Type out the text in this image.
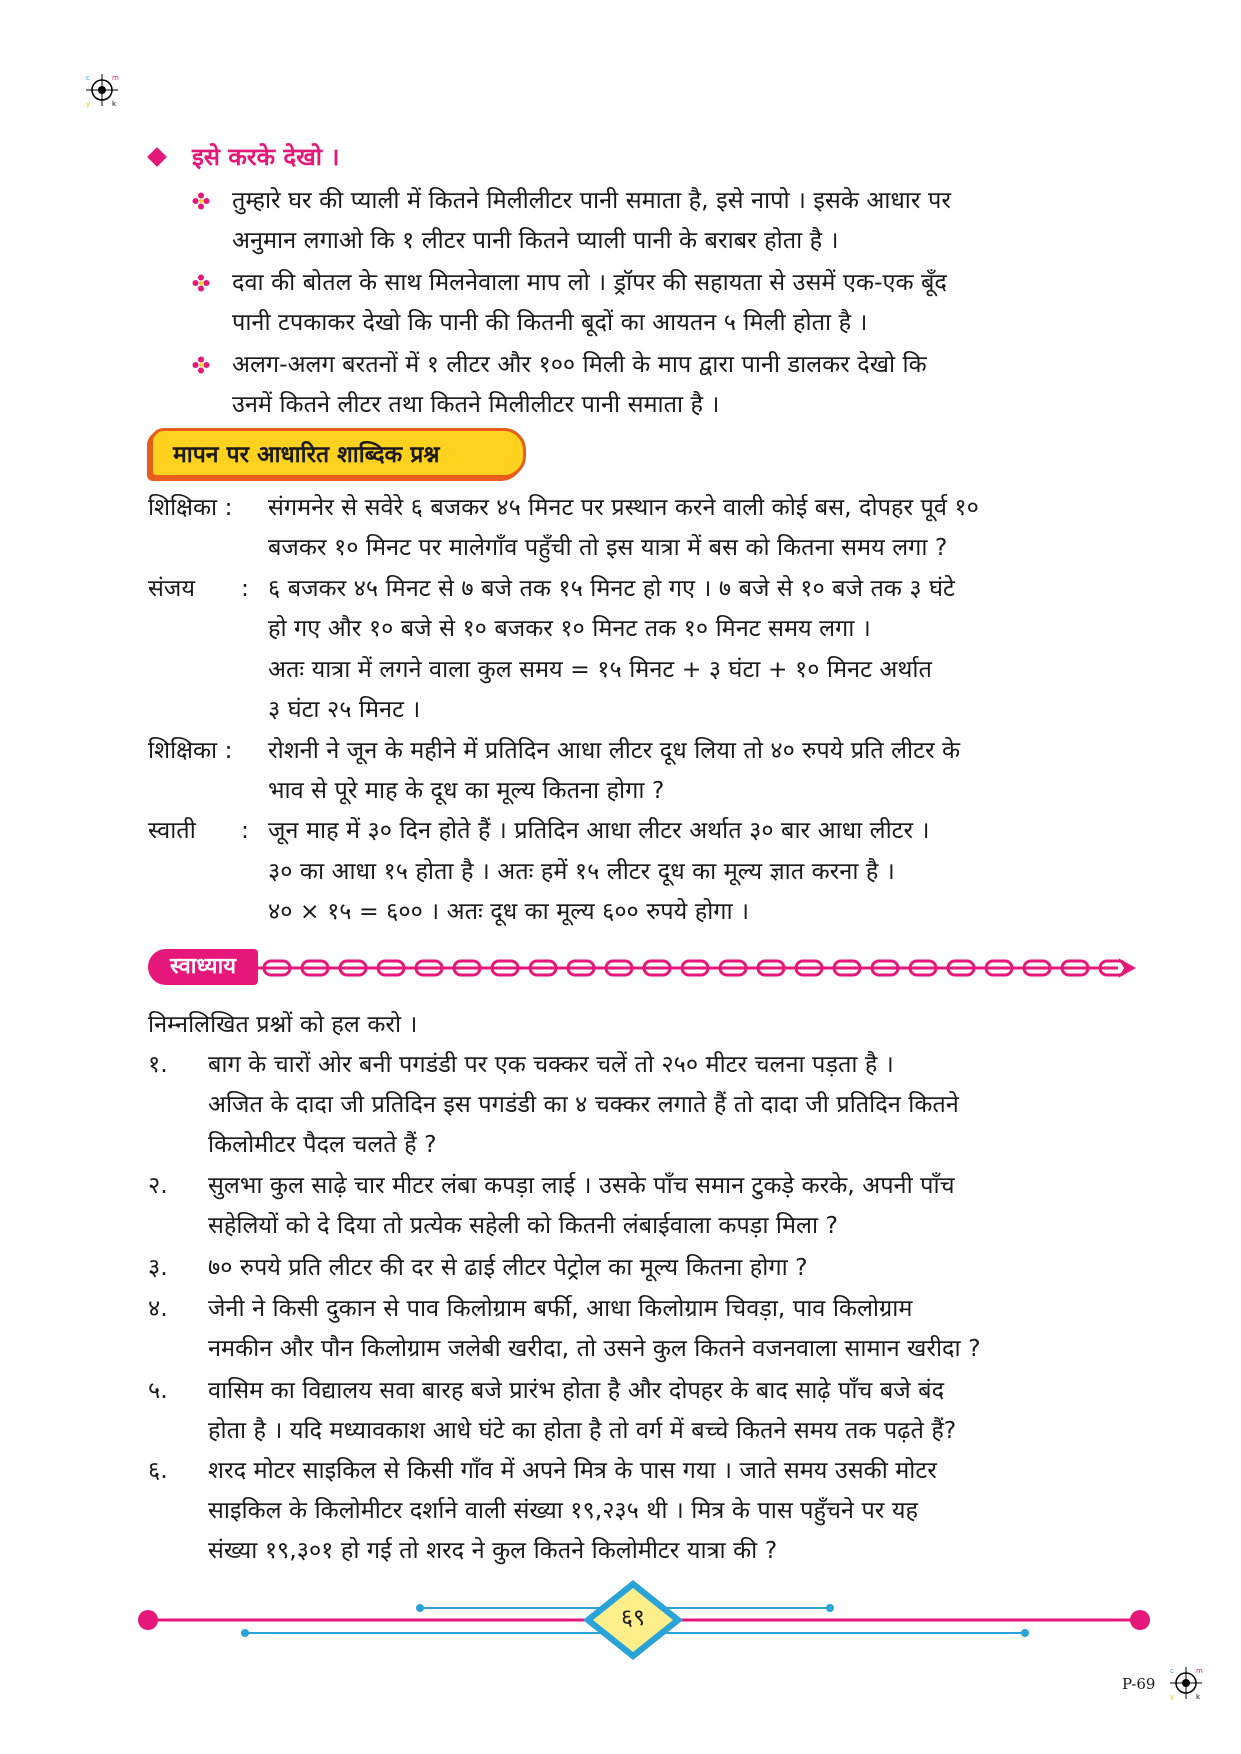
m
c
y	k
m
c
y	k
इसे करके देखो ।
तुम्हारे घर की प्याली में कितने मिलीलीटर पानी समाता है, इसे नापो । इसके आधार पर
अनुमान लगाओ कि १ लीटर पानी कितने प्याली पानी के बराबर होता है ।
दवा की बोतल के साथ मिलनेवाला माप लो । ड्रॉपर की सहायता से उसमें एक-एक बूँद
पानी टपकाकर देखो कि पानी की कितनी बूदों का आयतन ५ मिली होता है ।
अलग-अलग बरतनों में १ लीटर और १०० मिली के माप द्वारा पानी डालकर देखो कि
उनमें कितने लीटर तथा कितने मिलीलीटर पानी समाता है ।
मापन पर आधारित शाब्दिक प्रश्न
शिक्षिका : संगमनेर से सवेरे ६ बजकर ४५ मिनट पर प्रस्थान करने वाली कोई बस, दोपहर पूर्व १०
बजकर १० मिनट पर मालेगाँव पहुँची तो इस यात्रा में बस को कितना समय लगा ?
संजय : ६ बजकर ४५ मिनट से ७ बजे तक १५ मिनट हो गए । ७ बजे से १० बजे तक ३ घंटे
हो गए और १० बजे से १० बजकर १० मिनट तक १० मिनट समय लगा ।
अतः यात्रा में लगने वाला कुल समय = १५ मिनट + ३ घंटा + १० मिनट अर्थात
३ घंटा २५ मिनट ।
शिक्षिका : रोशनी ने जून के महीने में प्रतिदिन आधा लीटर दूध लिया तो ४० रुपये प्रति लीटर के
भाव से पूरे माह के दूध का मूल्य कितना होगा ?
स्वाती : जून माह में ३० दिन होते हैं । प्रतिदिन आधा लीटर अर्थात ३० बार आधा लीटर ।
३० का आधा १५ होता है । अतः हमें १५ लीटर दूध का मूल्य ज्ञात करना है ।
४० × १५ = ६०० । अतः दूध का मूल्य ६०० रुपये होगा ।
स्वाध्याय
निम्नलिखित प्रश्नों को हल करो ।
१. बाग के चारों ओर बनी पगडंडी पर एक चक्कर चलें तो २५० मीटर चलना पड़ता है ।
अजित के दादा जी प्रतिदिन इस पगडंडी का ४ चक्कर लगाते हैं तो दादा जी प्रतिदिन कितने
किलोमीटर पैदल चलते हैं ?
२. सुलभा कुल साढ़े चार मीटर लंबा कपड़ा लाई । उसके पाँच समान टुकड़े करके, अपनी पाँच
सहेलियों को दे दिया तो प्रत्येक सहेली को कितनी लंबाईवाला कपड़ा मिला ?
३. ७० रुपये प्रति लीटर की दर से ढाई लीटर पेट्रोल का मूल्य कितना होगा ?
४. जेनी ने किसी दुकान से पाव किलोग्राम बर्फी, आधा किलोग्राम चिवड़ा, पाव किलोग्राम
नमकीन और पौन किलोग्राम जलेबी खरीदा, तो उसने कुल कितने वजनवाला सामान खरीदा ?
५. वासिम का विद्यालय सवा बारह बजे प्रारंभ होता है और दोपहर के बाद साढ़े पाँच बजे बंद
होता है । यदि मध्यावकाश आधे घंटे का होता है तो वर्ग में बच्चे कितने समय तक पढ़ते हैं?
६. शरद मोटर साइकिल से किसी गाँव में अपने मित्र के पास गया । जाते समय उसकी मोटर
साइकिल के किलोमीटर दर्शाने वाली संख्या १९,२३५ थी । मित्र के पास पहुँचने पर यह
संख्या १९,३०१ हो गई तो शरद ने कुल कितने किलोमीटर यात्रा की ?
६९
P-69
